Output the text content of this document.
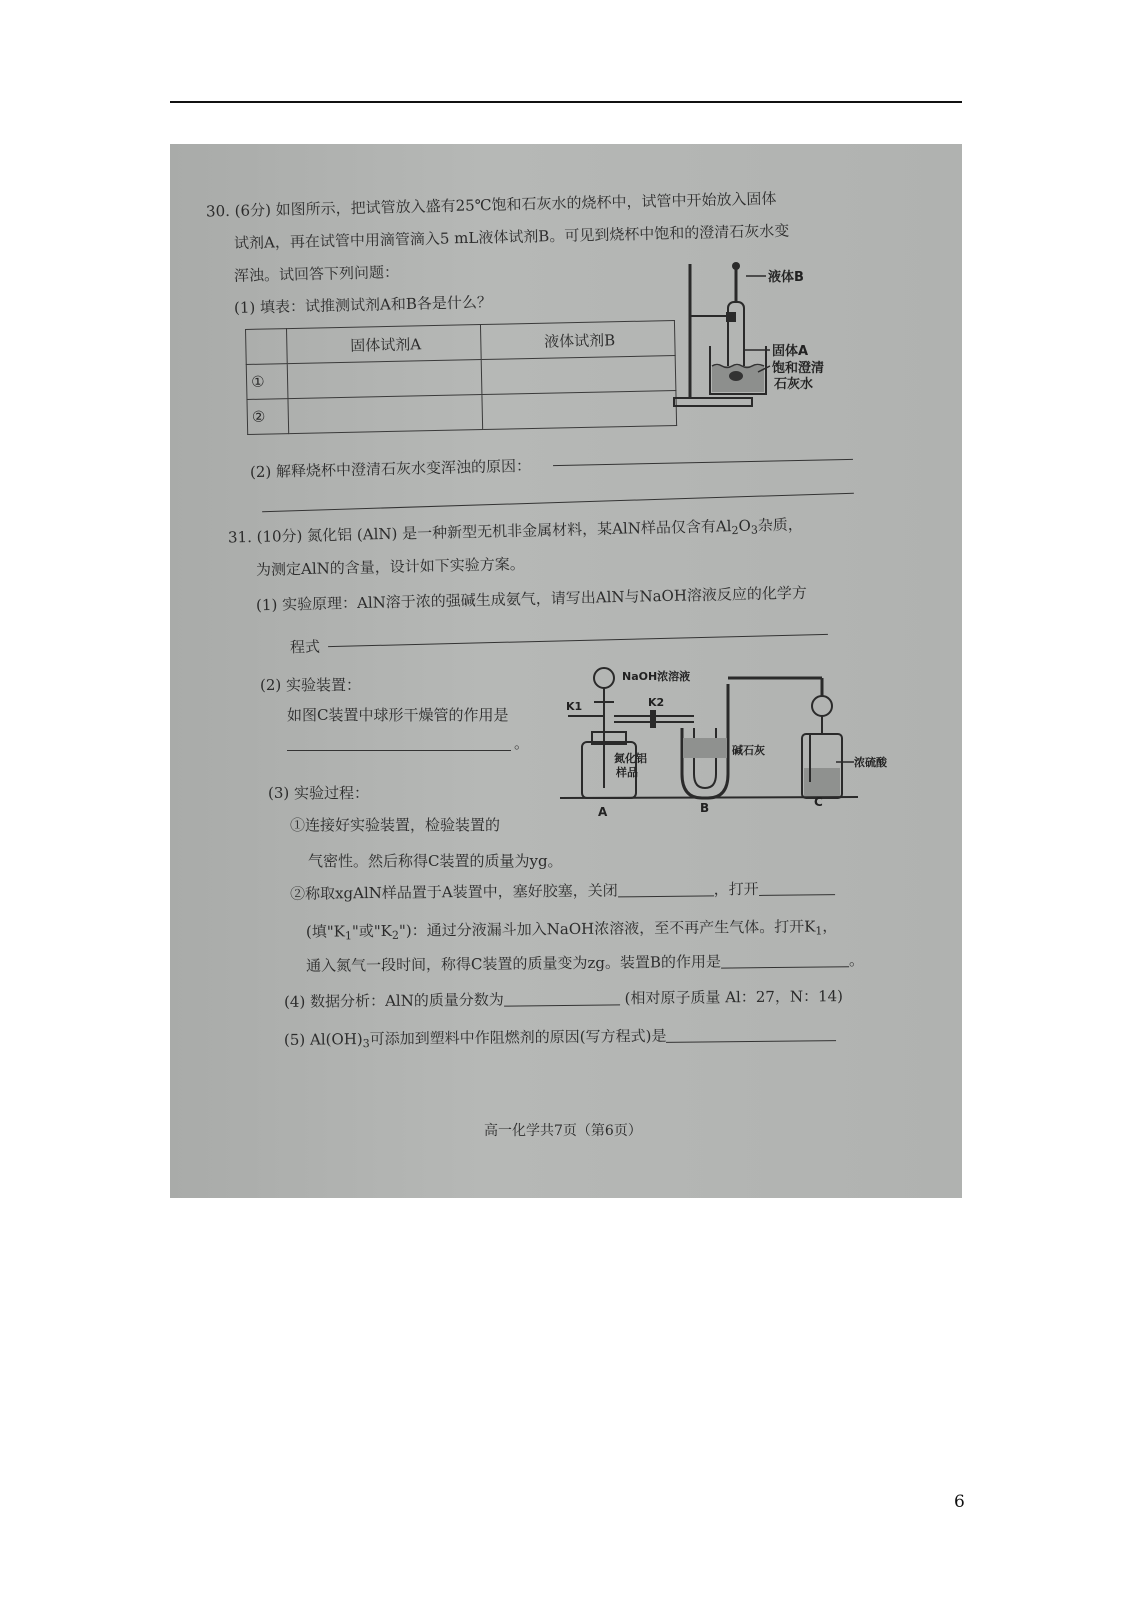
30. (6分) 如图所示，把试管放入盛有25℃饱和石灰水的烧杯中，试管中开始放入固体
试剂A，再在试管中用滴管滴入5 mL液体试剂B。可见到烧杯中饱和的澄清石灰水变
浑浊。试回答下列问题：
(1) 填表：试推测试剂A和B各是什么？
	固体试剂A	液体试剂B
①		
②		
液体B
固体A
饱和澄清
石灰水
(2) 解释烧杯中澄清石灰水变浑浊的原因：
31. (10分) 氮化铝 (AlN) 是一种新型无机非金属材料，某AlN样品仅含有$Al_2O_3$杂质，
为测定AlN的含量，设计如下实验方案。
(1) 实验原理：AlN溶于浓的强碱生成氨气，请写出AlN与NaOH溶液反应的化学方
程式
(2) 实验装置：
如图C装置中球形干燥管的作用是
。
NaOH浓溶液
K1	K2
氮化铝
样品
碱石灰
浓硫酸
A	B	C
(3) 实验过程：
①连接好实验装置，检验装置的
气密性。然后称得C装置的质量为yg。
②称取xgAlN样品置于A装置中，塞好胶塞，关闭	，打开
(填"$K_1$"或"$K_2$")：通过分液漏斗加入NaOH浓溶液，至不再产生气体。打开$K_1$，
通入氮气一段时间，称得C装置的质量变为zg。装置B的作用是	。
(4) 数据分析：AlN的质量分数为	(相对原子质量 Al：27，N：14)
(5) $Al(OH)_3$可添加到塑料中作阻燃剂的原因(写方程式)是
高一化学共7页（第6页）
6
